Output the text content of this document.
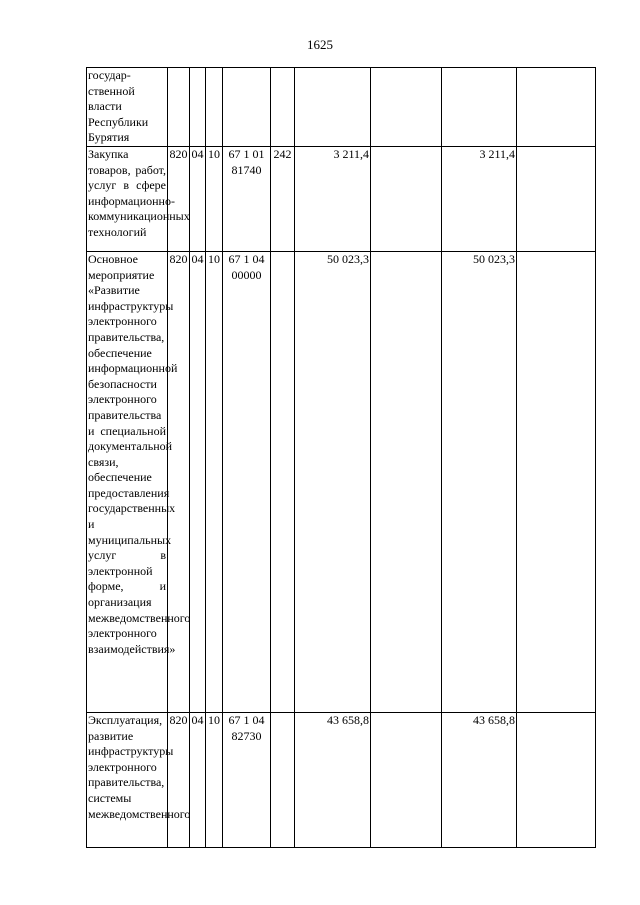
1625
государ-ственной власти Республики Бурятия									
Закупка товаров, работ, услуг в сфере информационно-коммуникационных технологий	820	04	10	67 1 01 81740	242	3 211,4		3 211,4	
Основное мероприятие «Развитие инфраструктуры электронного правительства, обеспечение информационной безопасности электронного правительства и специальной документальной связи, обеспечение предоставления государственных и муниципальных услуг в электронной форме, и организация межведомственного электронного взаимодействия»	820	04	10	67 1 04 00000		50 023,3		50 023,3	
Эксплуатация, развитие инфраструктуры электронного правительства, системы межведомственного	820	04	10	67 1 04 82730		43 658,8		43 658,8	
